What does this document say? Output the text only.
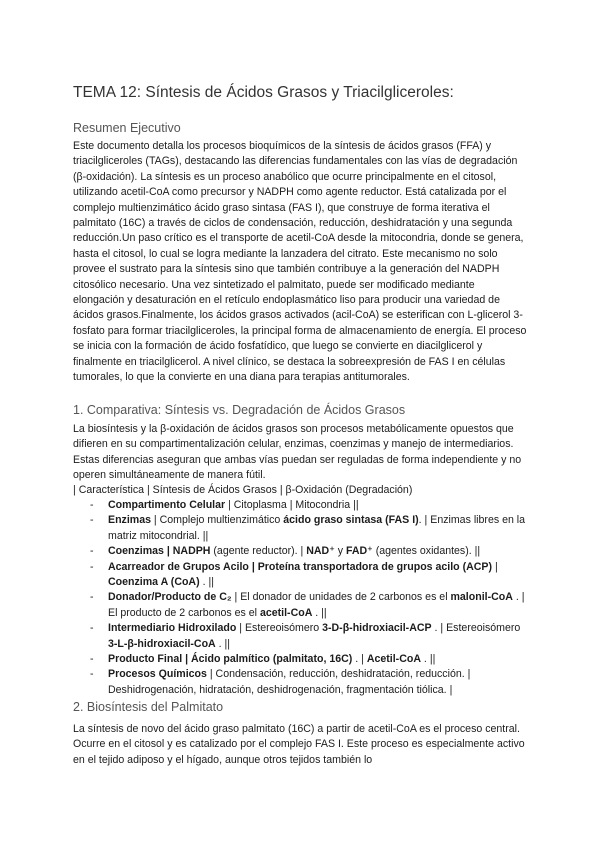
TEMA 12: Síntesis de Ácidos Grasos y Triacilgliceroles:
Resumen Ejecutivo

Este documento detalla los procesos bioquímicos de la síntesis de ácidos grasos (FFA) y triacilgliceroles (TAGs), destacando las diferencias fundamentales con las vías de degradación (β-oxidación). La síntesis es un proceso anabólico que ocurre principalmente en el citosol, utilizando acetil-CoA como precursor y NADPH como agente reductor. Está catalizada por el complejo multienzimático ácido graso sintasa (FAS I), que construye de forma iterativa el palmitato (16C) a través de ciclos de condensación, reducción, deshidratación y una segunda reducción.Un paso crítico es el transporte de acetil-CoA desde la mitocondria, donde se genera, hasta el citosol, lo cual se logra mediante la lanzadera del citrato. Este mecanismo no solo provee el sustrato para la síntesis sino que también contribuye a la generación del NADPH citosólico necesario. Una vez sintetizado el palmitato, puede ser modificado mediante elongación y desaturación en el retículo endoplasmático liso para producir una variedad de ácidos grasos.Finalmente, los ácidos grasos activados (acil-CoA) se esterifican con L-glicerol 3-fosfato para formar triacilgliceroles, la principal forma de almacenamiento de energía. El proceso se inicia con la formación de ácido fosfatídico, que luego se convierte en diacilglicerol y finalmente en triacilglicerol. A nivel clínico, se destaca la sobreexpresión de FAS I en células tumorales, lo que la convierte en una diana para terapias antitumorales.

1. Comparativa: Síntesis vs. Degradación de Ácidos Grasos

La biosíntesis y la β-oxidación de ácidos grasos son procesos metabólicamente opuestos que difieren en su compartimentalización celular, enzimas, coenzimas y manejo de intermediarios. Estas diferencias aseguran que ambas vías puedan ser reguladas de forma independiente y no operen simultáneamente de manera fútil.

| Característica | Síntesis de Ácidos Grasos | β-Oxidación (Degradación)
- Compartimento Celular | Citoplasma | Mitocondria ||
- Enzimas | Complejo multienzimático ácido graso sintasa (FAS I). | Enzimas libres en la matriz mitocondrial. ||
- Coenzimas | NADPH (agente reductor). | NAD⁺ y FAD⁺ (agentes oxidantes). ||
- Acarreador de Grupos Acilo | Proteína transportadora de grupos acilo (ACP) | Coenzima A (CoA) . ||
- Donador/Producto de C₂ | El donador de unidades de 2 carbonos es el malonil-CoA . | El producto de 2 carbonos es el acetil-CoA . ||
- Intermediario Hidroxilado | Estereoisómero 3-D-β-hidroxiacil-ACP . | Estereoisómero 3-L-β-hidroxiacil-CoA . ||
- Producto Final | Ácido palmítico (palmitato, 16C) . | Acetil-CoA . ||
- Procesos Químicos | Condensación, reducción, deshidratación, reducción. | Deshidrogenación, hidratación, deshidrogenación, fragmentación tiólica. |
2. Biosíntesis del Palmitato

La síntesis de novo del ácido graso palmitato (16C) a partir de acetil-CoA es el proceso central. Ocurre en el citosol y es catalizado por el complejo FAS I. Este proceso es especialmente activo en el tejido adiposo y el hígado, aunque otros tejidos también lo
